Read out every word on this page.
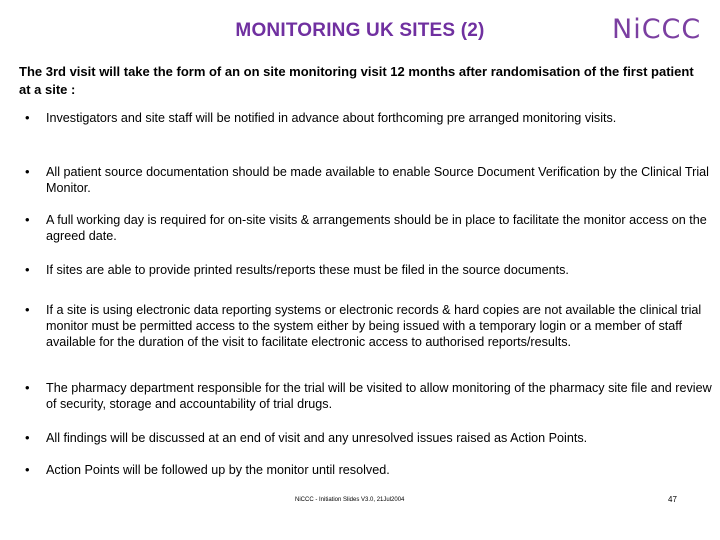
MONITORING UK SITES (2)	NiCCC
The 3rd visit will take the form of an on site monitoring visit 12 months after randomisation of the first patient at a site :
• Investigators and site staff will be notified in advance about forthcoming pre arranged monitoring visits.
• All patient source documentation should be made available to enable Source Document Verification by the Clinical Trial Monitor.
• A full working day is required for on-site visits & arrangements should be in place to facilitate the monitor access on the agreed date.
• If sites are able to provide printed results/reports these must be filed in the source documents.
• If a site is using electronic data reporting systems or electronic records & hard copies are not available the clinical trial monitor must be permitted access to the system either by being issued with a temporary login or a member of staff available for the duration of the visit to facilitate electronic access to authorised reports/results.
• The pharmacy department responsible for the trial will be visited to allow monitoring of the pharmacy site file and review of security, storage and accountability of trial drugs.
• All findings will be discussed at an end of visit and any unresolved issues raised as Action Points.
• Action Points will be followed up by the monitor until resolved.
NiCCC - Initiation Slides V3.0, 21Jul2004	47
